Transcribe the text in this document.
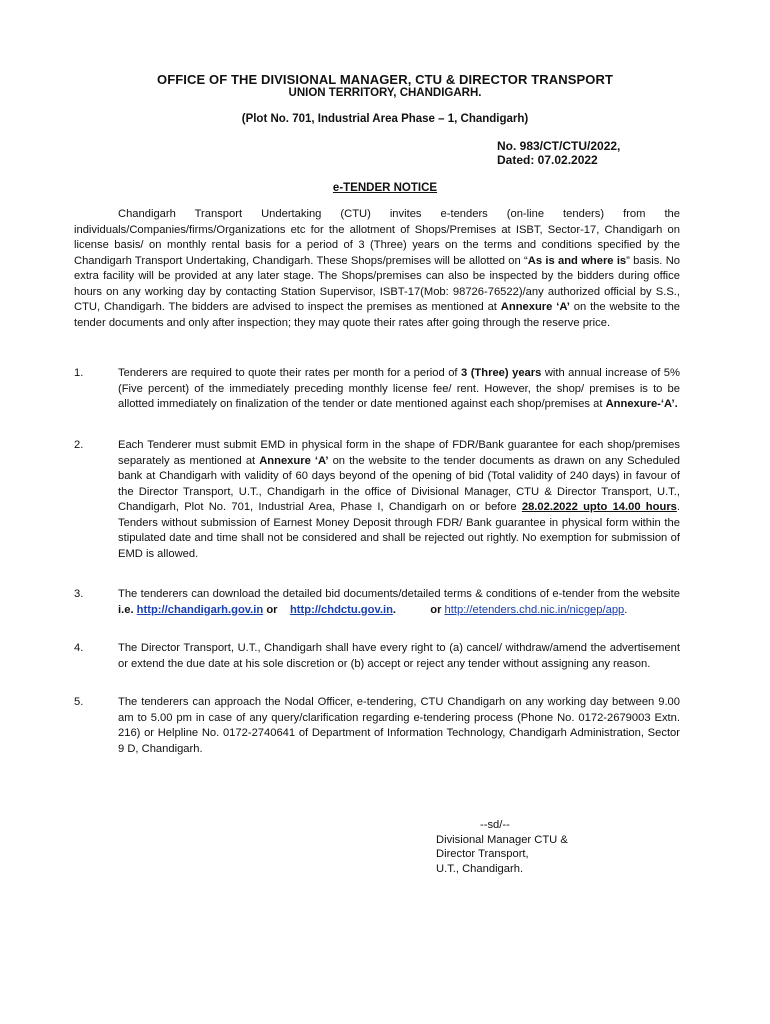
OFFICE OF THE DIVISIONAL MANAGER, CTU & DIRECTOR TRANSPORT
UNION TERRITORY, CHANDIGARH.
(Plot No. 701, Industrial Area Phase – 1, Chandigarh)
No. 983/CT/CTU/2022,
Dated: 07.02.2022
e-TENDER NOTICE

Chandigarh Transport Undertaking (CTU) invites e-tenders (on-line tenders) from the individuals/Companies/firms/Organizations etc for the allotment of Shops/Premises at ISBT, Sector-17, Chandigarh on license basis/ on monthly rental basis for a period of 3 (Three) years on the terms and conditions specified by the Chandigarh Transport Undertaking, Chandigarh. These Shops/premises will be allotted on “As is and where is” basis. No extra facility will be provided at any later stage. The Shops/premises can also be inspected by the bidders during office hours on any working day by contacting Station Supervisor, ISBT-17(Mob: 98726-76522)/any authorized official by S.S., CTU, Chandigarh. The bidders are advised to inspect the premises as mentioned at Annexure ‘A’ on the website to the tender documents and only after inspection; they may quote their rates after going through the reserve price.

1.	Tenderers are required to quote their rates per month for a period of 3 (Three) years with annual increase of 5% (Five percent) of the immediately preceding monthly license fee/ rent. However, the shop/ premises is to be allotted immediately on finalization of the tender or date mentioned against each shop/premises at Annexure-‘A’.
2.	Each Tenderer must submit EMD in physical form in the shape of FDR/Bank guarantee for each shop/premises separately as mentioned at Annexure ‘A’ on the website to the tender documents as drawn on any Scheduled bank at Chandigarh with validity of 60 days beyond of the opening of bid (Total validity of 240 days) in favour of the Director Transport, U.T., Chandigarh in the office of Divisional Manager, CTU & Director Transport, U.T., Chandigarh, Plot No. 701, Industrial Area, Phase I, Chandigarh on or before 28.02.2022 upto 14.00 hours. Tenders without submission of Earnest Money Deposit through FDR/ Bank guarantee in physical form within the stipulated date and time shall not be considered and shall be rejected out rightly. No exemption for submission of EMD is allowed.
3.	The tenderers can download the detailed bid documents/detailed terms & conditions of e-tender from the website i.e. http://chandigarh.gov.in or http://chdctu.gov.in.	or http://etenders.chd.nic.in/nicgep/app.
4.	The Director Transport, U.T., Chandigarh shall have every right to (a) cancel/ withdraw/amend the advertisement or extend the due date at his sole discretion or (b) accept or reject any tender without assigning any reason.
5.	The tenderers can approach the Nodal Officer, e-tendering, CTU Chandigarh on any working day between 9.00 am to 5.00 pm in case of any query/clarification regarding e-tendering process (Phone No. 0172-2679003 Extn. 216) or Helpline No. 0172-2740641 of Department of Information Technology, Chandigarh Administration, Sector 9 D, Chandigarh.
--sd/--
Divisional Manager CTU &
Director Transport,
U.T., Chandigarh.
